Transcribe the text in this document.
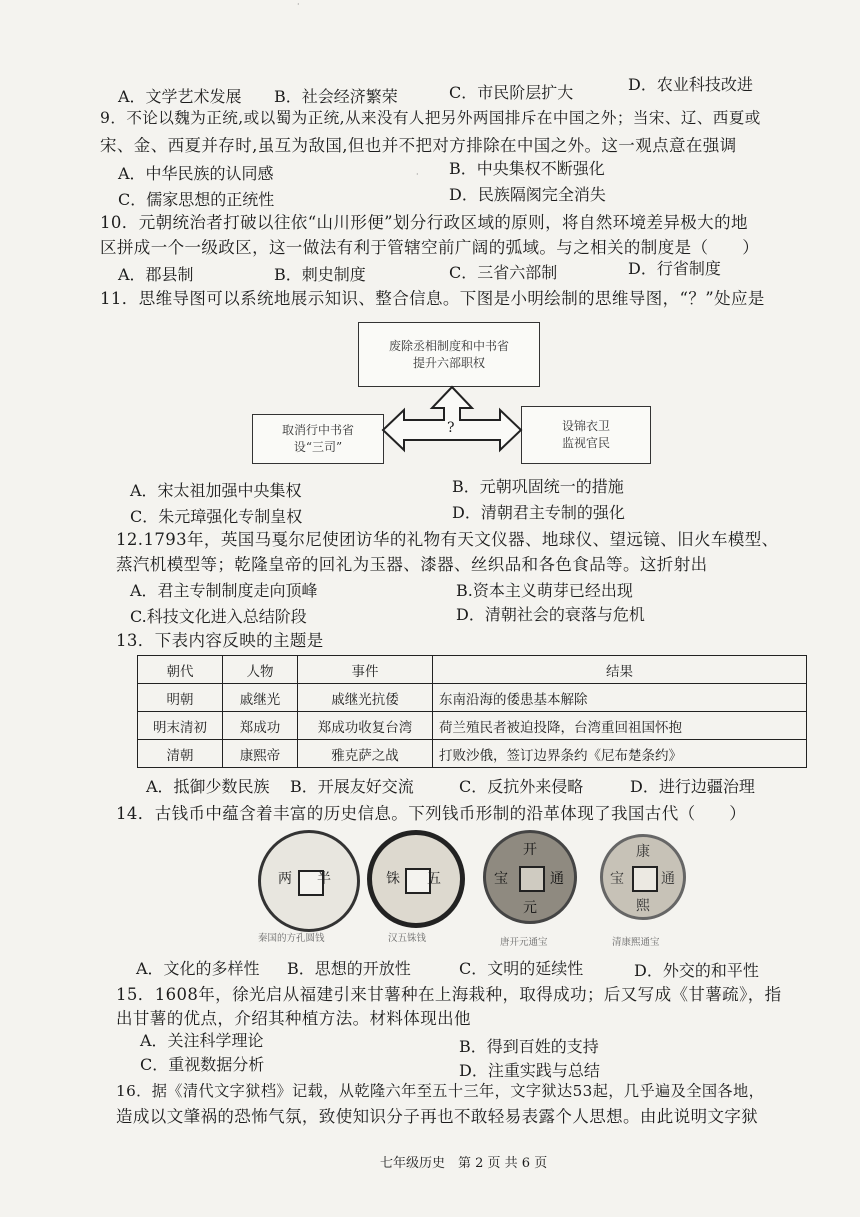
A．文学艺术发展 B．社会经济繁荣	C．市民阶层扩大	D．农业科技改进
9．不论以魏为正统,或以蜀为正统,从来没有人把另外两国排斥在中国之外；当宋、辽、西夏或
宋、金、西夏并存时,虽互为敌国,但也并不把对方排除在中国之外。这一观点意在强调
A．中华民族的认同感	B．中央集权不断强化
C．儒家思想的正统性	D．民族隔阂完全消失
10．元朝统治者打破以往依“山川形便”划分行政区域的原则，将自然环境差异极大的地
区拼成一个一级政区，这一做法有利于管辖空前广阔的弧域。与之相关的制度是（　　）
A．郡县制	B．刺史制度	C．三省六部制	D．行省制度
11．思维导图可以系统地展示知识、整合信息。下图是小明绘制的思维导图，“？”处应是
废除丞相制度和中书省
提升六部职权
取消行中书省
设“三司”
设锦衣卫
监视官民
?
A．宋太祖加强中央集权	B．元朝巩固统一的措施
C．朱元璋强化专制皇权	D．清朝君主专制的强化
12.1793年，英国马戛尔尼使团访华的礼物有天文仪器、地球仪、望远镜、旧火车模型、
蒸汽机模型等；乾隆皇帝的回礼为玉器、漆器、丝织品和各色食品等。这折射出
A．君主专制制度走向顶峰	B.资本主义萌芽已经出现
C.科技文化进入总结阶段	D．清朝社会的衰落与危机
13．下表内容反映的主题是
朝代	人物	事件	结果
明朝	戚继光	戚继光抗倭	东南沿海的倭患基本解除
明末清初	郑成功	郑成功收复台湾	荷兰殖民者被迫投降，台湾重回祖国怀抱
清朝	康熙帝	雅克萨之战	打败沙俄，签订边界条约《尼布楚条约》
A．抵御少数民族 B．开展友好交流	C．反抗外来侵略	D．进行边疆治理
14．古钱币中蕴含着丰富的历史信息。下列钱币形制的沿革体现了我国古代（　　）
半
两	五
铢
开
元
通
宝
康
熙
通
宝
秦国的方孔圆钱	汉五铢钱	唐开元通宝	清康熙通宝
A．文化的多样性 B．思想的开放性	C．文明的延续性	D．外交的和平性
15．1608年，徐光启从福建引来甘薯种在上海栽种，取得成功；后又写成《甘薯疏》，指
出甘薯的优点，介绍其种植方法。材料体现出他
A．关注科学理论	B．得到百姓的支持
C．重视数据分析	D．注重实践与总结
16．据《清代文字狱档》记载，从乾隆六年至五十三年，文字狱达53起，几乎遍及全国各地，
造成以文肇祸的恐怖气氛，致使知识分子再也不敢轻易表露个人思想。由此说明文字狱
七年级历史　第 2 页 共 6 页
·
·
